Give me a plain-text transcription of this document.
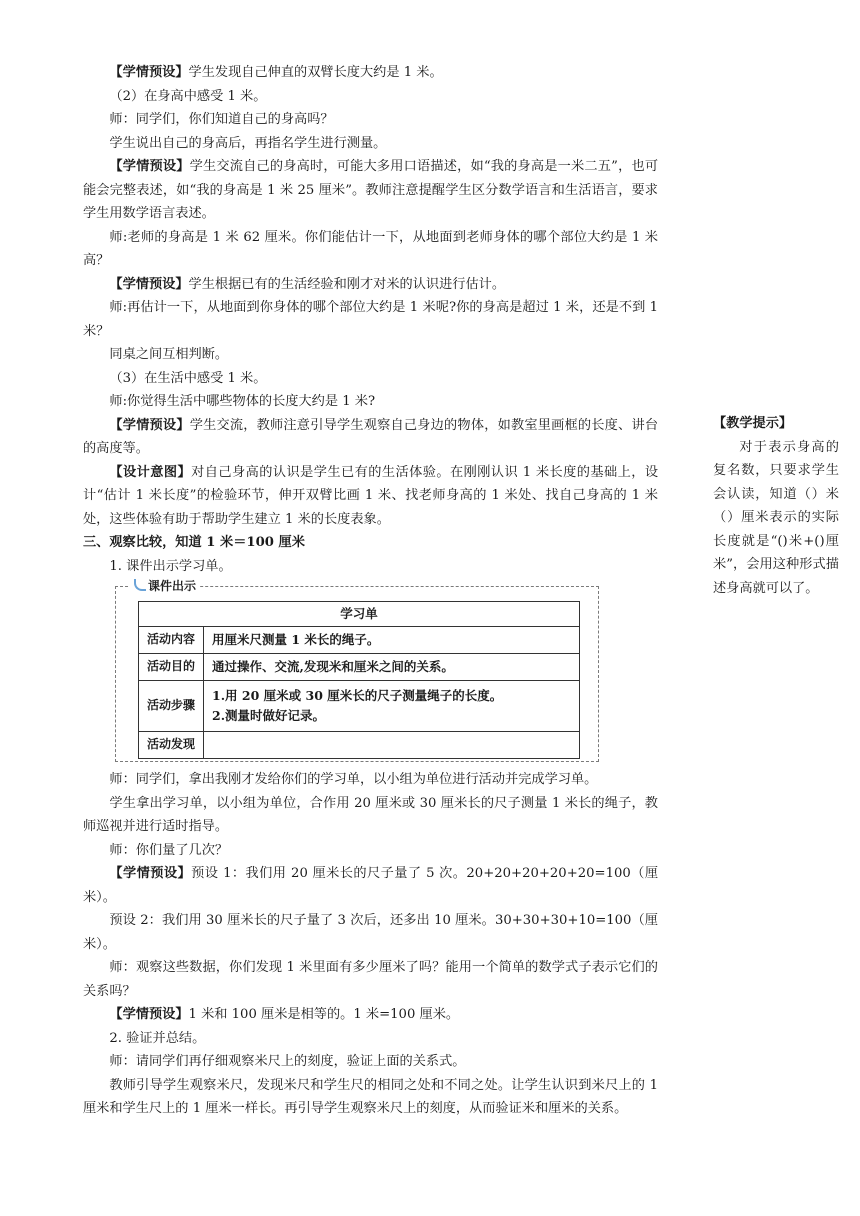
【学情预设】学生发现自己伸直的双臂长度大约是 1 米。

（2）在身高中感受 1 米。

师：同学们，你们知道自己的身高吗？

学生说出自己的身高后，再指名学生进行测量。

【学情预设】学生交流自己的身高时，可能大多用口语描述，如“我的身高是一米二五”，也可能会完整表述，如“我的身高是 1 米 25 厘米”。教师注意提醒学生区分数学语言和生活语言，要求学生用数学语言表述。

师:老师的身高是 1 米 62 厘米。你们能估计一下，从地面到老师身体的哪个部位大约是 1 米高？

【学情预设】学生根据已有的生活经验和刚才对米的认识进行估计。

师:再估计一下，从地面到你身体的哪个部位大约是 1 米呢?你的身高是超过 1 米，还是不到 1 米？

同桌之间互相判断。

（3）在生活中感受 1 米。

师:你觉得生活中哪些物体的长度大约是 1 米?

【学情预设】学生交流，教师注意引导学生观察自己身边的物体，如教室里画框的长度、讲台的高度等。

【设计意图】对自己身高的认识是学生已有的生活体验。在刚刚认识 1 米长度的基础上，设计“估计 1 米长度”的检验环节，伸开双臂比画 1 米、找老师身高的 1 米处、找自己身高的 1 米处，这些体验有助于帮助学生建立 1 米的长度表象。

三、观察比较，知道 1 米＝100 厘米

1. 课件出示学习单。

课件出示
学习单	
活动内容	用厘米尺测量 1 米长的绳子。
活动目的	通过操作、交流,发现米和厘米之间的关系。
活动步骤	1.用 20 厘米或 30 厘米长的尺子测量绳子的长度。
2.测量时做好记录。

活动发现	

师：同学们，拿出我刚才发给你们的学习单，以小组为单位进行活动并完成学习单。

学生拿出学习单，以小组为单位，合作用 20 厘米或 30 厘米长的尺子测量 1 米长的绳子，教师巡视并进行适时指导。

师：你们量了几次？

【学情预设】预设 1：我们用 20 厘米长的尺子量了 5 次。20+20+20+20+20=100（厘米）。

预设 2：我们用 30 厘米长的尺子量了 3 次后，还多出 10 厘米。30+30+30+10=100（厘米）。

师：观察这些数据，你们发现 1 米里面有多少厘米了吗？能用一个简单的数学式子表示它们的关系吗？

【学情预设】1 米和 100 厘米是相等的。1 米=100 厘米。

2. 验证并总结。

师：请同学们再仔细观察米尺上的刻度，验证上面的关系式。

教师引导学生观察米尺，发现米尺和学生尺的相同之处和不同之处。让学生认识到米尺上的 1 厘米和学生尺上的 1 厘米一样长。再引导学生观察米尺上的刻度，从而验证米和厘米的关系。

【教学提示】

对于表示身高的复名数，只要求学生会认读，知道（）米（）厘米表示的实际长度就是“()米+()厘米”，会用这种形式描述身高就可以了。
